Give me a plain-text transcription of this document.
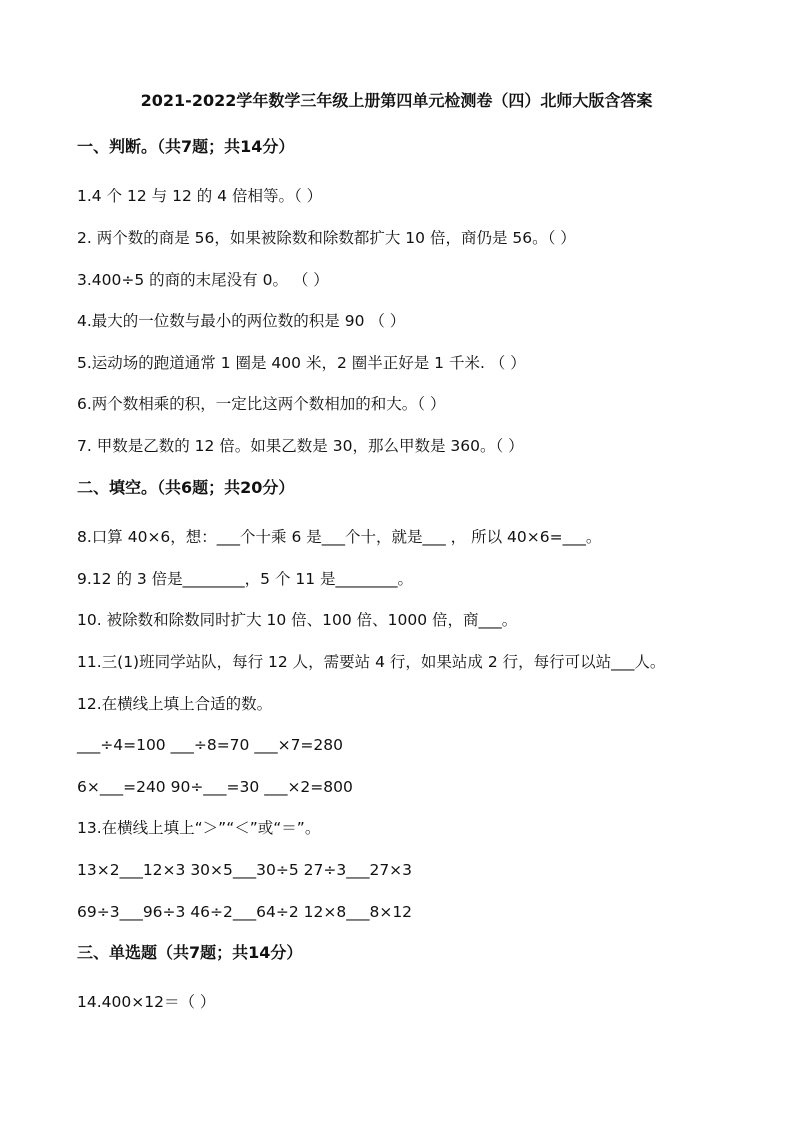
2021-2022学年数学三年级上册第四单元检测卷（四）北师大版含答案
一、判断。（共7题；共14分）
1.4 个 12 与 12 的 4 倍相等。（ ）
2. 两个数的商是 56，如果被除数和除数都扩大 10 倍，商仍是 56。（ ）
3.400÷5 的商的末尾没有 0。 （ ）
4.最大的一位数与最小的两位数的积是 90 （ ）
5.运动场的跑道通常 1 圈是 400 米，2 圈半正好是 1 千米. （ ）
6.两个数相乘的积，一定比这两个数相加的和大。（ ）
7. 甲数是乙数的 12 倍。如果乙数是 30，那么甲数是 360。（ ）
二、填空。（共6题；共20分）
8.口算 40×6，想：___个十乘 6 是___个十，就是___ ， 所以 40×6=___。
9.12 的 3 倍是________，5 个 11 是________。
10. 被除数和除数同时扩大 10 倍、100 倍、1000 倍，商___。
11.三(1)班同学站队，每行 12 人，需要站 4 行，如果站成 2 行，每行可以站___人。
12.在横线上填上合适的数。
___÷4=100 ___÷8=70 ___×7=280
6×___=240 90÷___=30 ___×2=800
13.在横线上填上“＞”“＜”或“＝”。
13×2___12×3 30×5___30÷5 27÷3___27×3
69÷3___96÷3 46÷2___64÷2 12×8___8×12
三、单选题（共7题；共14分）
14.400×12＝（ ）
